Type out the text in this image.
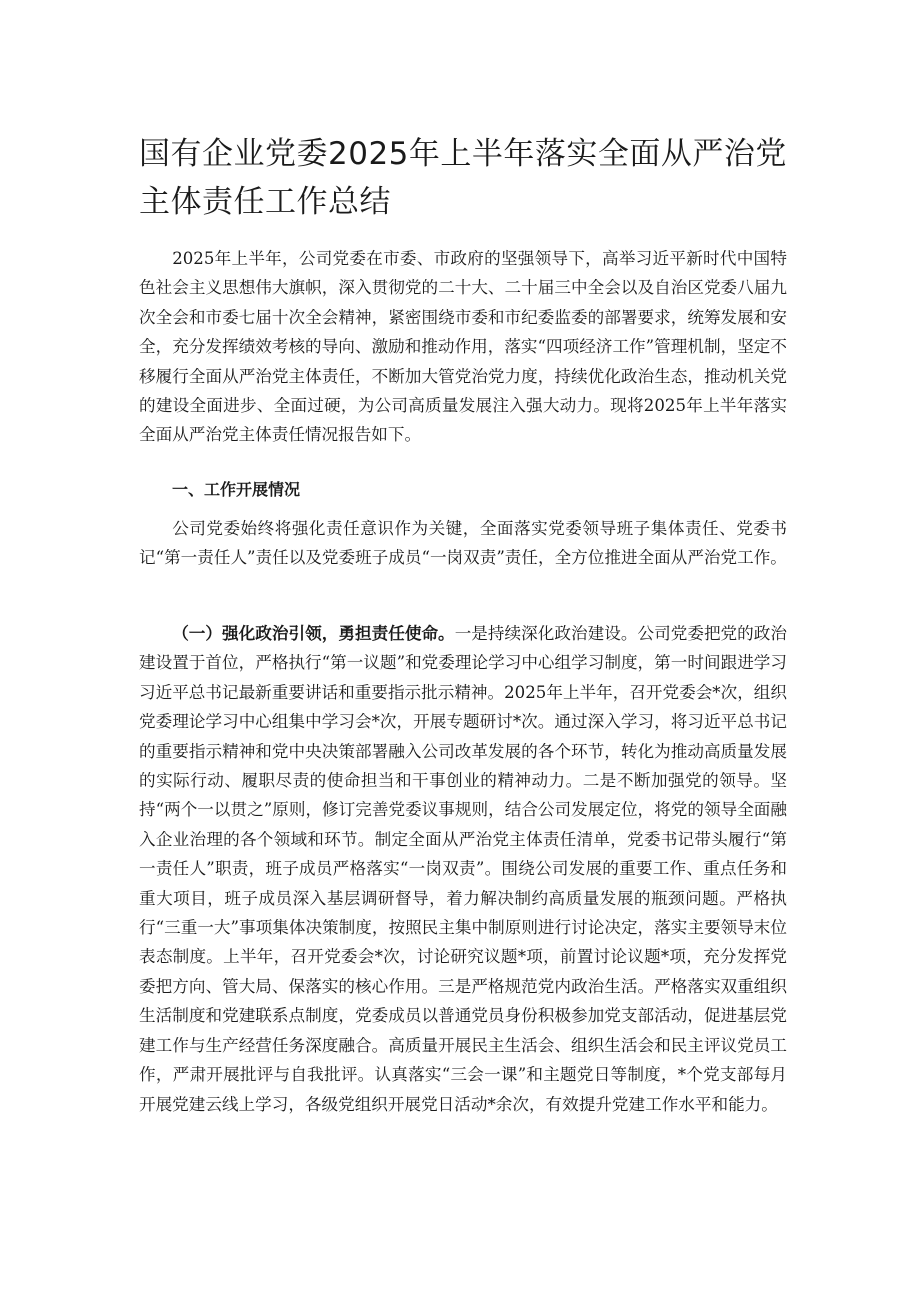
国有企业党委2025年上半年落实全面从严治党主体责任工作总结

2025年上半年，公司党委在市委、市政府的坚强领导下，高举习近平新时代中国特色社会主义思想伟大旗帜，深入贯彻党的二十大、二十届三中全会以及自治区党委八届九次全会和市委七届十次全会精神，紧密围绕市委和市纪委监委的部署要求，统筹发展和安全，充分发挥绩效考核的导向、激励和推动作用，落实“四项经济工作”管理机制，坚定不移履行全面从严治党主体责任，不断加大管党治党力度，持续优化政治生态，推动机关党的建设全面进步、全面过硬，为公司高质量发展注入强大动力。现将2025年上半年落实全面从严治党主体责任情况报告如下。

一、工作开展情况

公司党委始终将强化责任意识作为关键，全面落实党委领导班子集体责任、党委书记“第一责任人”责任以及党委班子成员“一岗双责”责任，全方位推进全面从严治党工作。

（一）强化政治引领，勇担责任使命。一是持续深化政治建设。公司党委把党的政治建设置于首位，严格执行“第一议题”和党委理论学习中心组学习制度，第一时间跟进学习习近平总书记最新重要讲话和重要指示批示精神。2025年上半年，召开党委会*次，组织党委理论学习中心组集中学习会*次，开展专题研讨*次。通过深入学习，将习近平总书记的重要指示精神和党中央决策部署融入公司改革发展的各个环节，转化为推动高质量发展的实际行动、履职尽责的使命担当和干事创业的精神动力。二是不断加强党的领导。坚持“两个一以贯之”原则，修订完善党委议事规则，结合公司发展定位，将党的领导全面融入企业治理的各个领域和环节。制定全面从严治党主体责任清单，党委书记带头履行“第一责任人”职责，班子成员严格落实“一岗双责”。围绕公司发展的重要工作、重点任务和重大项目，班子成员深入基层调研督导，着力解决制约高质量发展的瓶颈问题。严格执行“三重一大”事项集体决策制度，按照民主集中制原则进行讨论决定，落实主要领导末位表态制度。上半年，召开党委会*次，讨论研究议题*项，前置讨论议题*项，充分发挥党委把方向、管大局、保落实的核心作用。三是严格规范党内政治生活。严格落实双重组织生活制度和党建联系点制度，党委成员以普通党员身份积极参加党支部活动，促进基层党建工作与生产经营任务深度融合。高质量开展民主生活会、组织生活会和民主评议党员工作，严肃开展批评与自我批评。认真落实“三会一课”和主题党日等制度，*个党支部每月开展党建云线上学习，各级党组织开展党日活动*余次，有效提升党建工作水平和能力。
